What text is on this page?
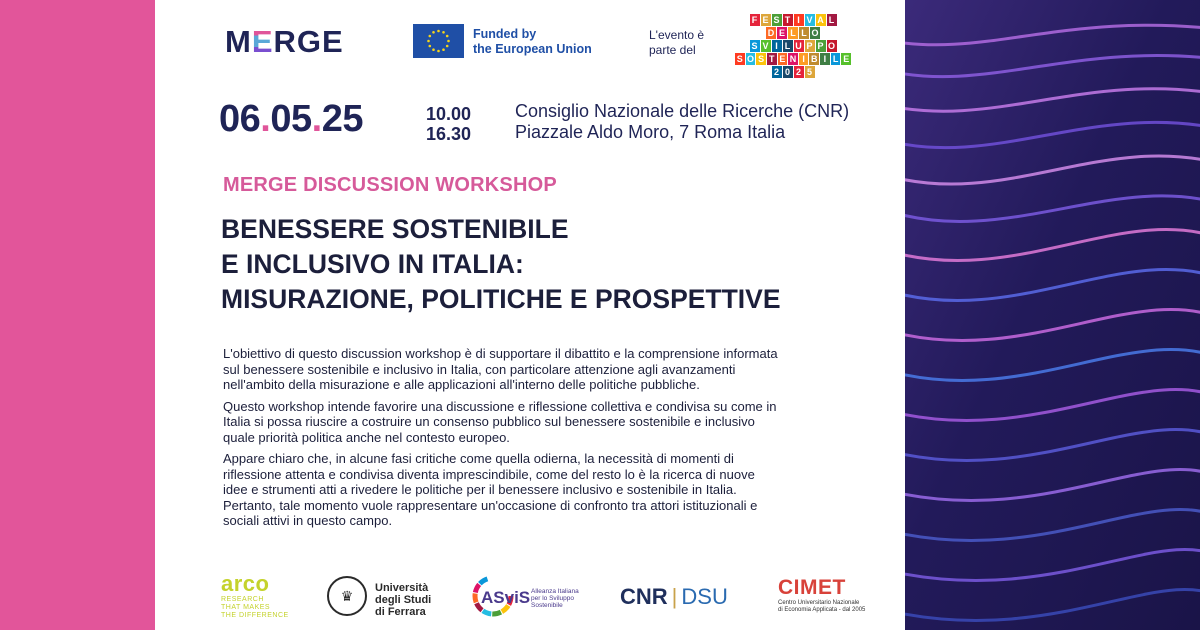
MERGE	Funded by
the European Union
L'evento è
parte del
F E S T I V A L
D E L L O
S V I L U P P O
S O S T E N I B I L E
2 0 2 5
06.05.25	10.00
16.30
Consiglio Nazionale delle Ricerche (CNR)
Piazzale Aldo Moro, 7 Roma Italia
MERGE DISCUSSION WORKSHOP
BENESSERE SOSTENIBILE
E INCLUSIVO IN ITALIA:
MISURAZIONE, POLITICHE E PROSPETTIVE

L'obiettivo di questo discussion workshop è di supportare il dibattito e la comprensione informata sul benessere sostenibile e inclusivo in Italia, con particolare attenzione agli avanzamenti nell'ambito della misurazione e alle applicazioni all'interno delle politiche pubbliche.

Questo workshop intende favorire una discussione e riflessione collettiva e condivisa su come in Italia si possa riuscire a costruire un consenso pubblico sul benessere sostenibile e inclusivo quale priorità politica anche nel contesto europeo.

Appare chiaro che, in alcune fasi critiche come quella odierna, la necessità di momenti di riflessione attenta e condivisa diventa imprescindibile, come del resto lo è la ricerca di nuove idee e strumenti atti a rivedere le politiche per il benessere inclusivo e sostenibile in Italia. Pertanto, tale momento vuole rappresentare un'occasione di confronto tra attori istituzionali e sociali attivi in questo campo.

arco
RESEARCH
THAT MAKES
THE DIFFERENCE
♛	Università
degli Studi
di Ferrara
ASviS Alleanza Italiana
per lo Sviluppo
Sostenibile	CNR | DSU CIMET
Centro Universitario Nazionale
di Economia Applicata - dal 2005
